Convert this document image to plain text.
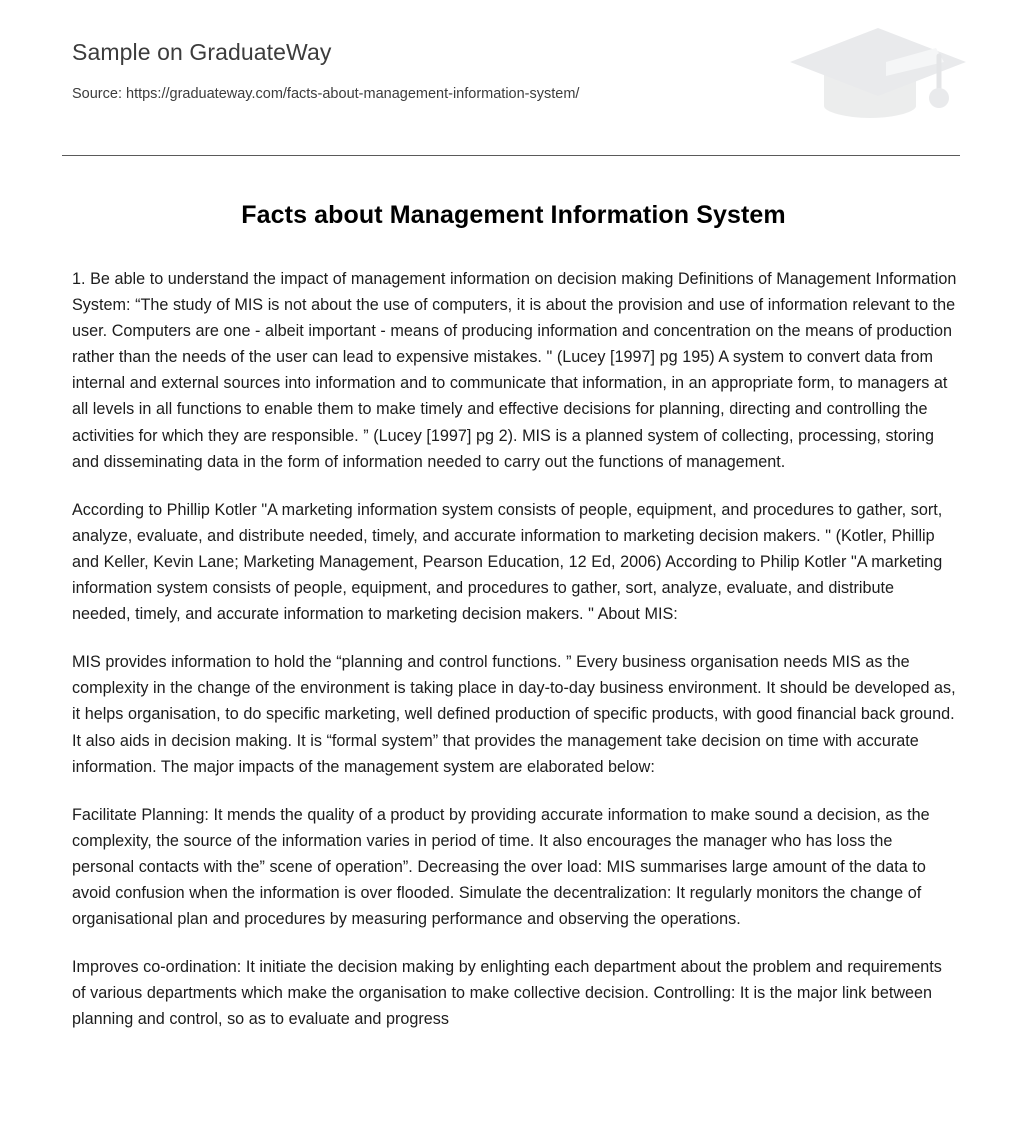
Sample on GraduateWay

Source: https://graduateway.com/facts-about-management-information-system/

Facts about Management Information System

1. Be able to understand the impact of management information on decision making Definitions of Management Information System: “The study of MIS is not about the use of computers, it is about the provision and use of information relevant to the user. Computers are one - albeit important - means of producing information and concentration on the means of production rather than the needs of the user can lead to expensive mistakes. " (Lucey [1997] pg 195) A system to convert data from internal and external sources into information and to communicate that information, in an appropriate form, to managers at all levels in all functions to enable them to make timely and effective decisions for planning, directing and controlling the activities for which they are responsible. ” (Lucey [1997] pg 2). MIS is a planned system of collecting, processing, storing and disseminating data in the form of information needed to carry out the functions of management.

According to Phillip Kotler "A marketing information system consists of people, equipment, and procedures to gather, sort, analyze, evaluate, and distribute needed, timely, and accurate information to marketing decision makers. " (Kotler, Phillip and Keller, Kevin Lane; Marketing Management, Pearson Education, 12 Ed, 2006) According to Philip Kotler "A marketing information system consists of people, equipment, and procedures to gather, sort, analyze, evaluate, and distribute needed, timely, and accurate information to marketing decision makers. " About MIS:

MIS provides information to hold the “planning and control functions. ” Every business organisation needs MIS as the complexity in the change of the environment is taking place in day-to-day business environment. It should be developed as, it helps organisation, to do specific marketing, well defined production of specific products, with good financial back ground. It also aids in decision making. It is “formal system” that provides the management take decision on time with accurate information. The major impacts of the management system are elaborated below:

Facilitate Planning: It mends the quality of a product by providing accurate information to make sound a decision, as the complexity, the source of the information varies in period of time. It also encourages the manager who has loss the personal contacts with the” scene of operation”. Decreasing the over load: MIS summarises large amount of the data to avoid confusion when the information is over flooded. Simulate the decentralization: It regularly monitors the change of organisational plan and procedures by measuring performance and observing the operations.

Improves co-ordination: It initiate the decision making by enlighting each department about the problem and requirements of various departments which make the organisation to make collective decision. Controlling: It is the major link between planning and control, so as to evaluate and progress
